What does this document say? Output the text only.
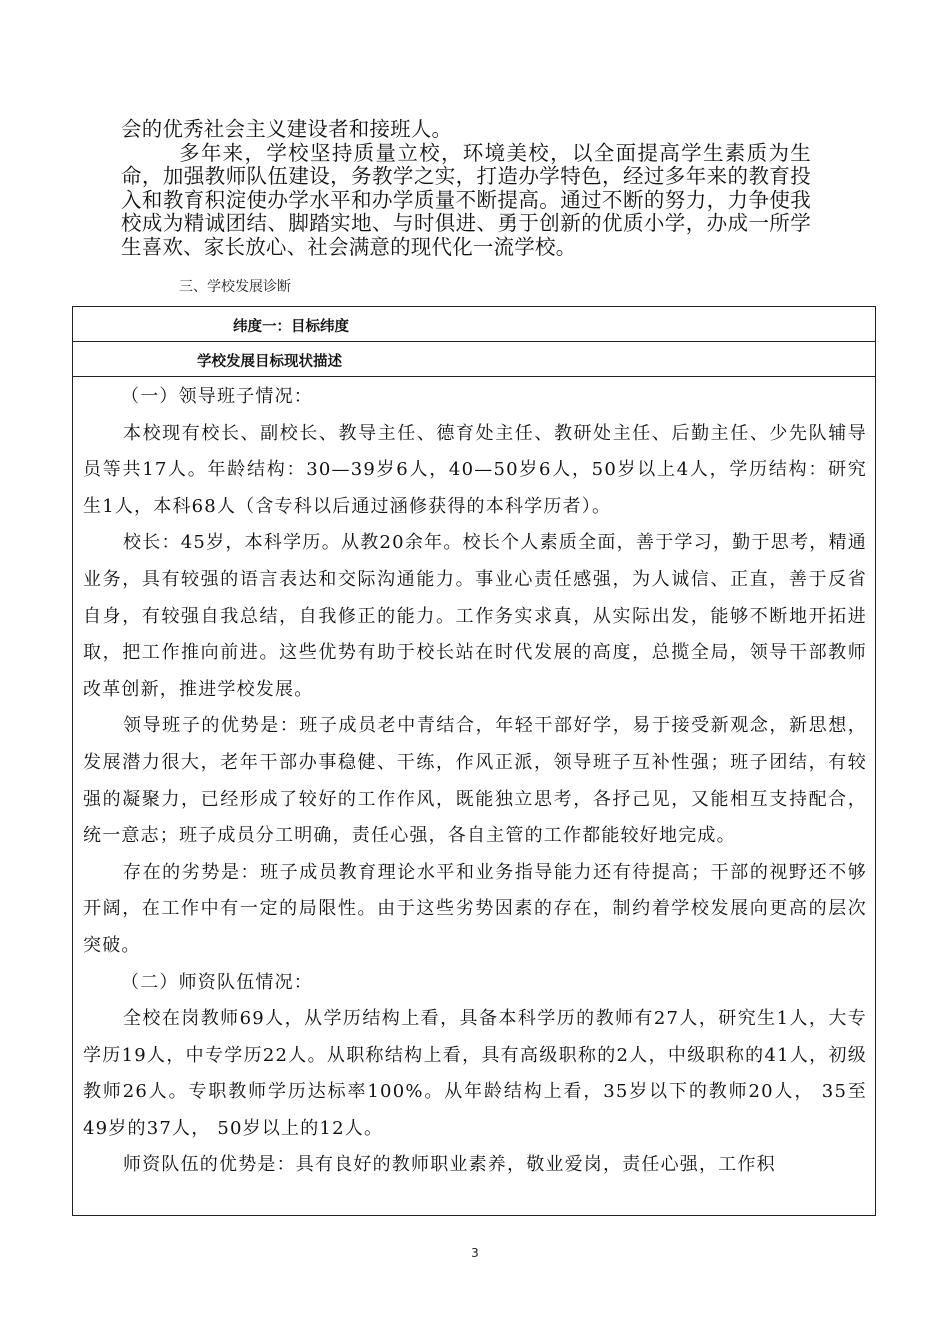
会的优秀社会主义建设者和接班人。

多年来，学校坚持质量立校，环境美校，以全面提高学生素质为生命，加强教师队伍建设，务教学之实，打造办学特色，经过多年来的教育投入和教育积淀使办学水平和办学质量不断提高。通过不断的努力，力争使我校成为精诚团结、脚踏实地、与时俱进、勇于创新的优质小学，办成一所学生喜欢、家长放心、社会满意的现代化一流学校。

三、学校发展诊断
纬度一：目标纬度
学校发展目标现状描述

（一）领导班子情况：

本校现有校长、副校长、教导主任、德育处主任、教研处主任、后勤主任、少先队辅导员等共17人。年龄结构：30—39岁6人，40—50岁6人，50岁以上4人，学历结构：研究生1人，本科68人（含专科以后通过涵修获得的本科学历者）。

校长：45岁，本科学历。从教20余年。校长个人素质全面，善于学习，勤于思考，精通业务，具有较强的语言表达和交际沟通能力。事业心责任感强，为人诚信、正直，善于反省自身，有较强自我总结，自我修正的能力。工作务实求真，从实际出发，能够不断地开拓进取，把工作推向前进。这些优势有助于校长站在时代发展的高度，总揽全局，领导干部教师改革创新，推进学校发展。

领导班子的优势是：班子成员老中青结合，年轻干部好学，易于接受新观念，新思想，发展潜力很大，老年干部办事稳健、干练，作风正派，领导班子互补性强；班子团结，有较强的凝聚力，已经形成了较好的工作作风，既能独立思考，各抒己见，又能相互支持配合，统一意志；班子成员分工明确，责任心强，各自主管的工作都能较好地完成。

存在的劣势是：班子成员教育理论水平和业务指导能力还有待提高；干部的视野还不够开阔，在工作中有一定的局限性。由于这些劣势因素的存在，制约着学校发展向更高的层次突破。

（二）师资队伍情况：

全校在岗教师69人，从学历结构上看，具备本科学历的教师有27人，研究生1人，大专学历19人，中专学历22人。从职称结构上看，具有高级职称的2人，中级职称的41人，初级教师26人。专职教师学历达标率100%。从年龄结构上看，35岁以下的教师20人， 35至49岁的37人， 50岁以上的12人。

师资队伍的优势是：具有良好的教师职业素养，敬业爱岗，责任心强，工作积

3
